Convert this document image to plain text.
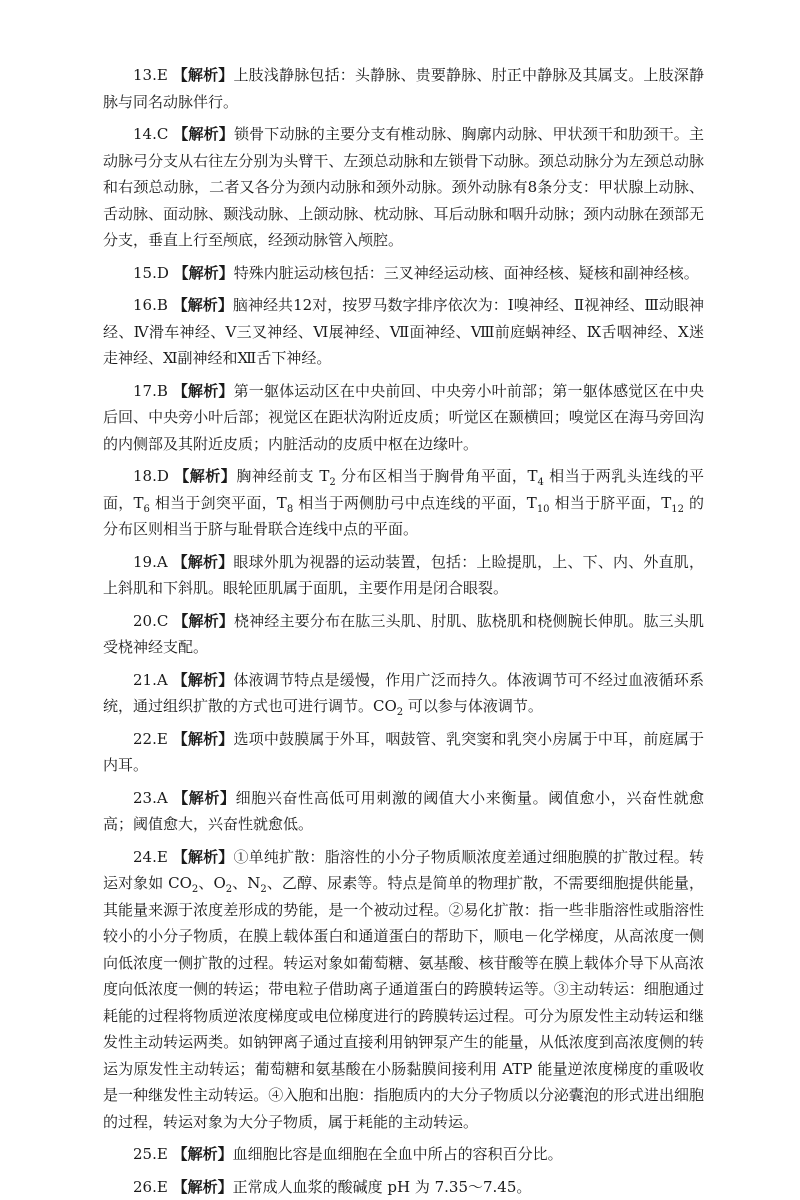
13.E 【解析】上肢浅静脉包括：头静脉、贵要静脉、肘正中静脉及其属支。上肢深静脉与同名动脉伴行。

14.C 【解析】锁骨下动脉的主要分支有椎动脉、胸廓内动脉、甲状颈干和肋颈干。主动脉弓分支从右往左分别为头臂干、左颈总动脉和左锁骨下动脉。颈总动脉分为左颈总动脉和右颈总动脉，二者又各分为颈内动脉和颈外动脉。颈外动脉有8条分支：甲状腺上动脉、舌动脉、面动脉、颞浅动脉、上颌动脉、枕动脉、耳后动脉和咽升动脉；颈内动脉在颈部无分支，垂直上行至颅底，经颈动脉管入颅腔。

15.D 【解析】特殊内脏运动核包括：三叉神经运动核、面神经核、疑核和副神经核。

16.B 【解析】脑神经共12对，按罗马数字排序依次为：Ⅰ嗅神经、Ⅱ视神经、Ⅲ动眼神经、Ⅳ滑车神经、Ⅴ三叉神经、Ⅵ展神经、Ⅶ面神经、Ⅷ前庭蜗神经、Ⅸ舌咽神经、Ⅹ迷走神经、Ⅺ副神经和Ⅻ舌下神经。

17.B 【解析】第一躯体运动区在中央前回、中央旁小叶前部；第一躯体感觉区在中央后回、中央旁小叶后部；视觉区在距状沟附近皮质；听觉区在颞横回；嗅觉区在海马旁回沟的内侧部及其附近皮质；内脏活动的皮质中枢在边缘叶。

18.D 【解析】胸神经前支 $T_2$ 分布区相当于胸骨角平面，$T_4$ 相当于两乳头连线的平面，$T_6$ 相当于剑突平面，$T_8$ 相当于两侧肋弓中点连线的平面，$T_{10}$ 相当于脐平面，$T_{12}$ 的分布区则相当于脐与耻骨联合连线中点的平面。

19.A 【解析】眼球外肌为视器的运动装置，包括：上睑提肌，上、下、内、外直肌，上斜肌和下斜肌。眼轮匝肌属于面肌，主要作用是闭合眼裂。

20.C 【解析】桡神经主要分布在肱三头肌、肘肌、肱桡肌和桡侧腕长伸肌。肱三头肌受桡神经支配。

21.A 【解析】体液调节特点是缓慢，作用广泛而持久。体液调节可不经过血液循环系统，通过组织扩散的方式也可进行调节。$CO_2$ 可以参与体液调节。

22.E 【解析】选项中鼓膜属于外耳，咽鼓管、乳突窦和乳突小房属于中耳，前庭属于内耳。

23.A 【解析】细胞兴奋性高低可用刺激的阈值大小来衡量。阈值愈小，兴奋性就愈高；阈值愈大，兴奋性就愈低。

24.E 【解析】①单纯扩散：脂溶性的小分子物质顺浓度差通过细胞膜的扩散过程。转运对象如 $CO_2$、$O_2$、$N_2$、乙醇、尿素等。特点是简单的物理扩散，不需要细胞提供能量，其能量来源于浓度差形成的势能，是一个被动过程。②易化扩散：指一些非脂溶性或脂溶性较小的小分子物质，在膜上载体蛋白和通道蛋白的帮助下，顺电－化学梯度，从高浓度一侧向低浓度一侧扩散的过程。转运对象如葡萄糖、氨基酸、核苷酸等在膜上载体介导下从高浓度向低浓度一侧的转运；带电粒子借助离子通道蛋白的跨膜转运等。③主动转运：细胞通过耗能的过程将物质逆浓度梯度或电位梯度进行的跨膜转运过程。可分为原发性主动转运和继发性主动转运两类。如钠钾离子通过直接利用钠钾泵产生的能量，从低浓度到高浓度侧的转运为原发性主动转运；葡萄糖和氨基酸在小肠黏膜间接利用 ATP 能量逆浓度梯度的重吸收是一种继发性主动转运。④入胞和出胞：指胞质内的大分子物质以分泌囊泡的形式进出细胞的过程，转运对象为大分子物质，属于耗能的主动转运。

25.E 【解析】血细胞比容是血细胞在全血中所占的容积百分比。

26.E 【解析】正常成人血浆的酸碱度 pH 为 7.35～7.45。
